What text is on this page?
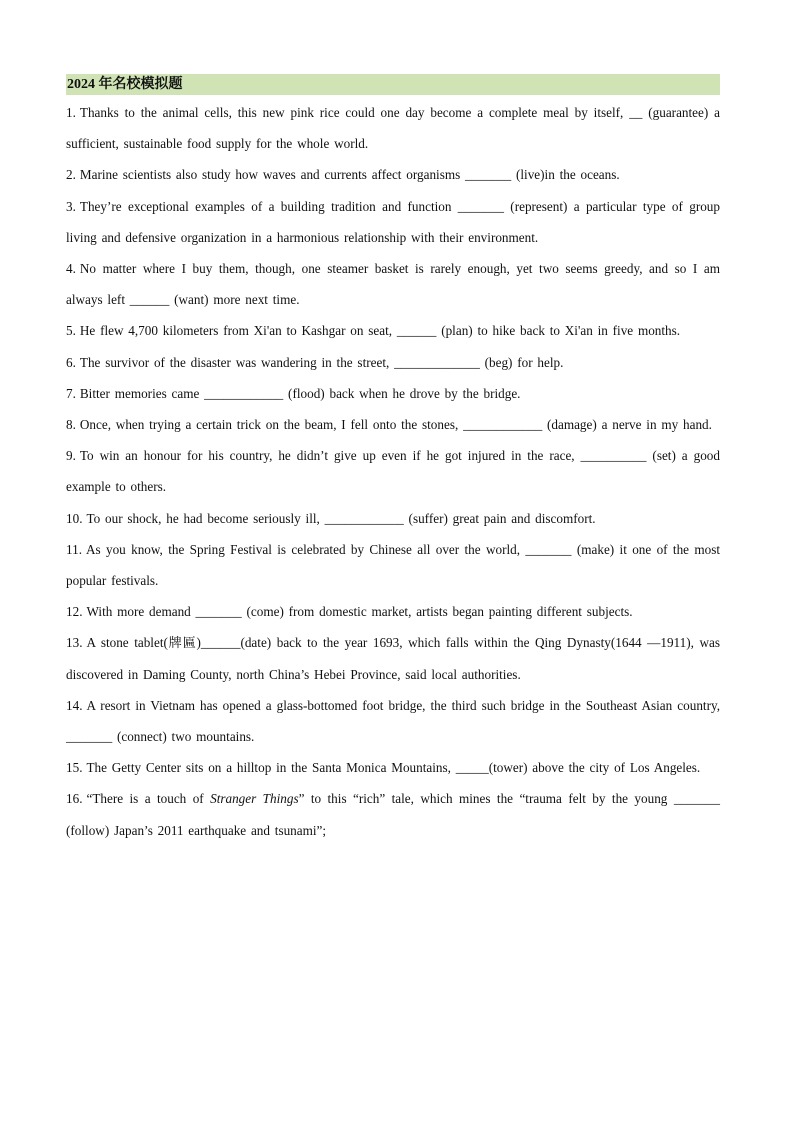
2024 年名校模拟题
1. Thanks to the animal cells, this new pink rice could one day become a complete meal by itself, __ (guarantee) a sufficient, sustainable food supply for the whole world.
2. Marine scientists also study how waves and currents affect organisms _______ (live)in the oceans.
3. They’re exceptional examples of a building tradition and function _______ (represent) a particular type of group living and defensive organization in a harmonious relationship with their environment.
4. No matter where I buy them, though, one steamer basket is rarely enough, yet two seems greedy, and so I am always left ______ (want) more next time.
5. He flew 4,700 kilometers from Xi'an to Kashgar on seat, ______ (plan) to hike back to Xi'an in five months.
6. The survivor of the disaster was wandering in the street, _____________ (beg) for help.
7. Bitter memories came ____________ (flood) back when he drove by the bridge.
8. Once, when trying a certain trick on the beam, I fell onto the stones, ____________ (damage) a nerve in my hand.
9. To win an honour for his country, he didn’t give up even if he got injured in the race, __________ (set) a good example to others.
10. To our shock, he had become seriously ill, ____________ (suffer) great pain and discomfort.
11. As you know, the Spring Festival is celebrated by Chinese all over the world, _______ (make) it one of the most popular festivals.
12. With more demand _______ (come) from domestic market, artists began painting different subjects.
13. A stone tablet(牌匾)______(date) back to the year 1693, which falls within the Qing Dynasty(1644 —1911), was discovered in Daming County, north China’s Hebei Province, said local authorities.
14. A resort in Vietnam has opened a glass-bottomed foot bridge, the third such bridge in the Southeast Asian country, _______ (connect) two mountains.
15. The Getty Center sits on a hilltop in the Santa Monica Mountains, _____(tower) above the city of Los Angeles.
16. “There is a touch of Stranger Things” to this “rich” tale, which mines the “trauma felt by the young _______ (follow) Japan’s 2011 earthquake and tsunami”;
